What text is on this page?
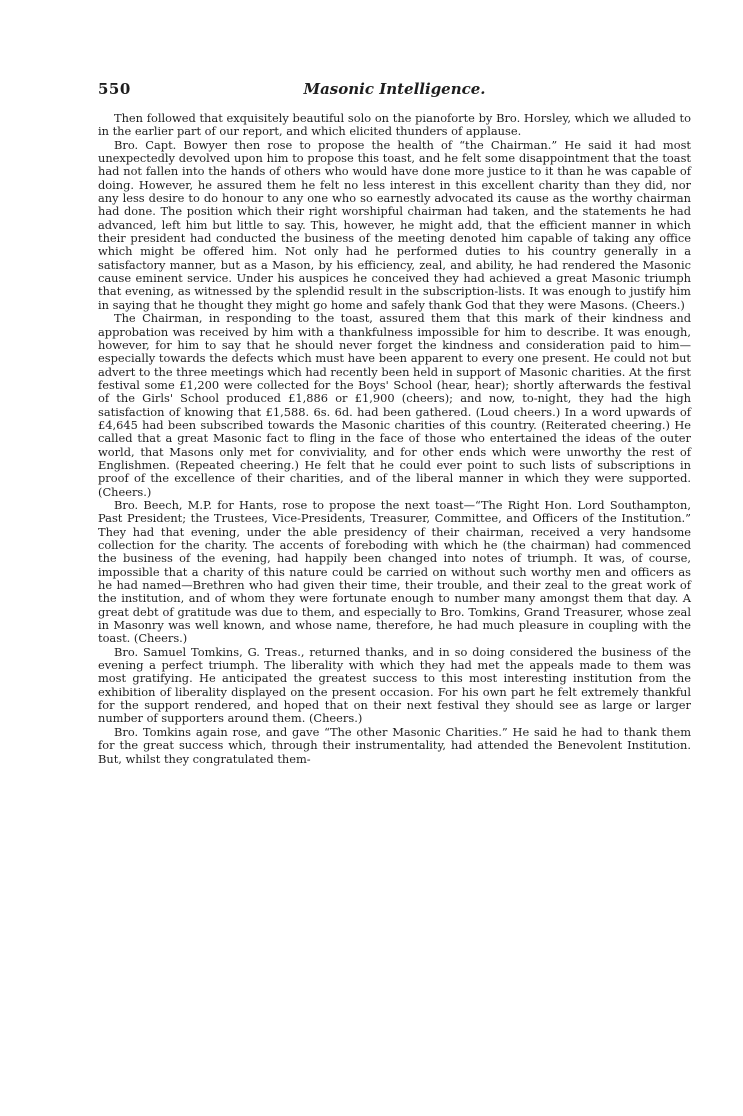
550	Masonic Intelligence.

Then followed that exquisitely beautiful solo on the pianoforte by Bro. Horsley, which we alluded to in the earlier part of our report, and which elicited thunders of applause.

Bro. Capt. Bowyer then rose to propose the health of “the Chairman.” He said it had most unexpectedly devolved upon him to propose this toast, and he felt some disappointment that the toast had not fallen into the hands of others who would have done more justice to it than he was capable of doing. However, he assured them he felt no less interest in this excellent charity than they did, nor any less desire to do honour to any one who so earnestly advocated its cause as the worthy chairman had done. The position which their right worshipful chairman had taken, and the statements he had advanced, left him but little to say. This, however, he might add, that the efficient manner in which their president had conducted the business of the meeting denoted him capable of taking any office which might be offered him. Not only had he performed duties to his country generally in a satisfactory manner, but as a Mason, by his efficiency, zeal, and ability, he had rendered the Masonic cause eminent service. Under his auspices he conceived they had achieved a great Masonic triumph that evening, as witnessed by the splendid result in the subscription-lists. It was enough to justify him in saying that he thought they might go home and safely thank God that they were Masons. (Cheers.)

The Chairman, in responding to the toast, assured them that this mark of their kindness and approbation was received by him with a thankfulness impossible for him to describe. It was enough, however, for him to say that he should never forget the kindness and consideration paid to him—especially towards the defects which must have been apparent to every one present. He could not but advert to the three meetings which had recently been held in support of Masonic charities. At the first festival some £1,200 were collected for the Boys' School (hear, hear); shortly afterwards the festival of the Girls' School produced £1,886 or £1,900 (cheers); and now, to-night, they had the high satisfaction of knowing that £1,588. 6s. 6d. had been gathered. (Loud cheers.) In a word upwards of £4,645 had been subscribed towards the Masonic charities of this country. (Reiterated cheering.) He called that a great Masonic fact to fling in the face of those who entertained the ideas of the outer world, that Masons only met for conviviality, and for other ends which were unworthy the rest of Englishmen. (Repeated cheering.) He felt that he could ever point to such lists of subscriptions in proof of the excellence of their charities, and of the liberal manner in which they were supported. (Cheers.)

Bro. Beech, M.P. for Hants, rose to propose the next toast—“The Right Hon. Lord Southampton, Past President; the Trustees, Vice-Presidents, Treasurer, Committee, and Officers of the Institution.” They had that evening, under the able presidency of their chairman, received a very handsome collection for the charity. The accents of foreboding with which he (the chairman) had commenced the business of the evening, had happily been changed into notes of triumph. It was, of course, impossible that a charity of this nature could be carried on without such worthy men and officers as he had named—Brethren who had given their time, their trouble, and their zeal to the great work of the institution, and of whom they were fortunate enough to number many amongst them that day. A great debt of gratitude was due to them, and especially to Bro. Tomkins, Grand Treasurer, whose zeal in Masonry was well known, and whose name, therefore, he had much pleasure in coupling with the toast. (Cheers.)

Bro. Samuel Tomkins, G. Treas., returned thanks, and in so doing considered the business of the evening a perfect triumph. The liberality with which they had met the appeals made to them was most gratifying. He anticipated the greatest success to this most interesting institution from the exhibition of liberality displayed on the present occasion. For his own part he felt extremely thankful for the support rendered, and hoped that on their next festival they should see as large or larger number of supporters around them. (Cheers.)

Bro. Tomkins again rose, and gave “The other Masonic Charities.” He said he had to thank them for the great success which, through their instrumentality, had attended the Benevolent Institution. But, whilst they congratulated them-
